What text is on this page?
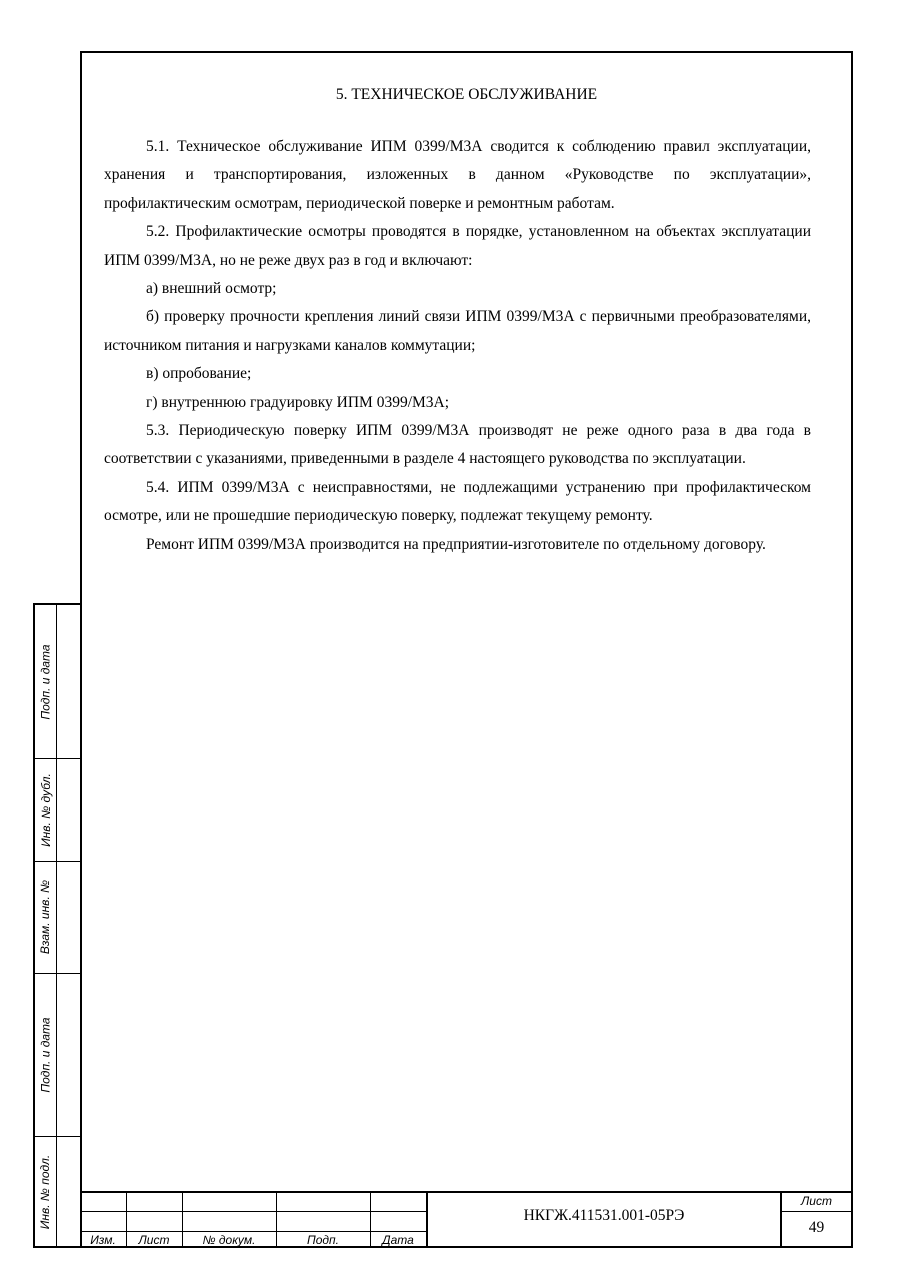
5. ТЕХНИЧЕСКОЕ ОБСЛУЖИВАНИЕ

5.1. Техническое обслуживание ИПМ 0399/М3А сводится к соблюдению правил эксплуатации, хранения и транспортирования, изложенных в данном «Руководстве по эксплуатации», профилактическим осмотрам, периодической поверке и ремонтным работам.

5.2. Профилактические осмотры проводятся в порядке, установленном на объектах эксплуатации ИПМ 0399/М3А, но не реже двух раз в год и включают:

а) внешний осмотр;

б) проверку прочности крепления линий связи ИПМ 0399/М3А с первичными преобразователями, источником питания и нагрузками каналов коммутации;

в) опробование;

г) внутреннюю градуировку ИПМ 0399/М3А;

5.3. Периодическую поверку ИПМ 0399/М3А производят не реже одного раза в два года в соответствии с указаниями, приведенными в разделе 4 настоящего руководства по эксплуатации.

5.4. ИПМ 0399/М3А с неисправностями, не подлежащими устранению при профилактическом осмотре, или не прошедшие периодическую поверку, подлежат текущему ремонту.

Ремонт ИПМ 0399/М3А производится на предприятии-изготовителе по отдельному договору.

Подп. и дата
Инв. № дубл.
Взам. инв. №
Подп. и дата
Инв. № подл.
Изм.	Лист	№ докум.	Подп.	Дата
НКГЖ.411531.001-05РЭ
Лист
49
